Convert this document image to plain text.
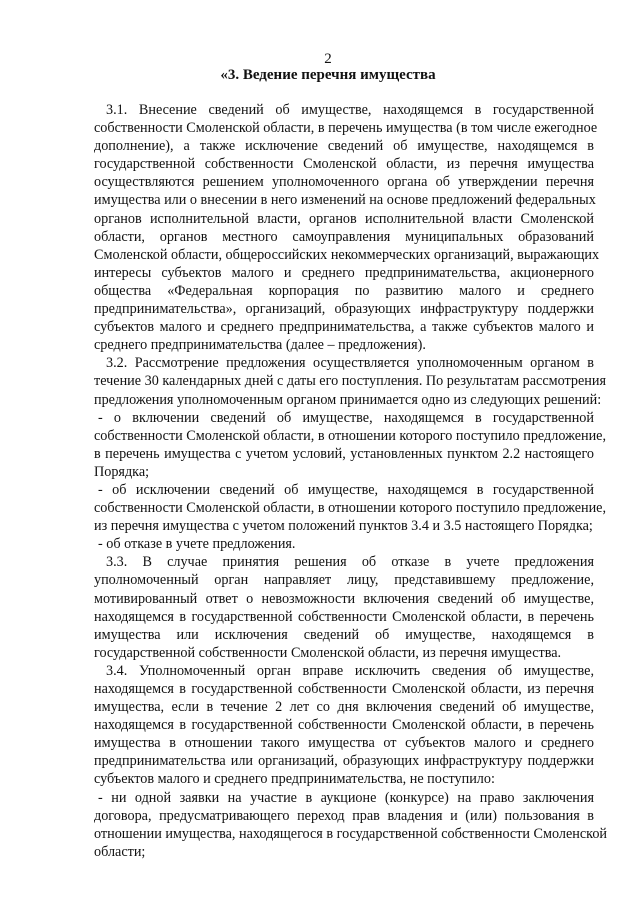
2
«3. Ведение перечня имущества
3.1. Внесение сведений об имуществе, находящемся в государственной
собственности Смоленской области, в перечень имущества (в том числе ежегодное
дополнение), а также исключение сведений об имуществе, находящемся в
государственной собственности Смоленской области, из перечня имущества
осуществляются решением уполномоченного органа об утверждении перечня
имущества или о внесении в него изменений на основе предложений федеральных
органов исполнительной власти, органов исполнительной власти Смоленской
области, органов местного самоуправления муниципальных образований
Смоленской области, общероссийских некоммерческих организаций, выражающих
интересы субъектов малого и среднего предпринимательства, акционерного
общества «Федеральная корпорация по развитию малого и среднего
предпринимательства», организаций, образующих инфраструктуру поддержки
субъектов малого и среднего предпринимательства, а также субъектов малого и
среднего предпринимательства (далее – предложения).
3.2. Рассмотрение предложения осуществляется уполномоченным органом в
течение 30 календарных дней с даты его поступления. По результатам рассмотрения
предложения уполномоченным органом принимается одно из следующих решений:
- о включении сведений об имуществе, находящемся в государственной
собственности Смоленской области, в отношении которого поступило предложение,
в перечень имущества с учетом условий, установленных пунктом 2.2 настоящего
Порядка;
- об исключении сведений об имуществе, находящемся в государственной
собственности Смоленской области, в отношении которого поступило предложение,
из перечня имущества с учетом положений пунктов 3.4 и 3.5 настоящего Порядка;
- об отказе в учете предложения.
3.3. В случае принятия решения об отказе в учете предложения
уполномоченный орган направляет лицу, представившему предложение,
мотивированный ответ о невозможности включения сведений об имуществе,
находящемся в государственной собственности Смоленской области, в перечень
имущества или исключения сведений об имуществе, находящемся в
государственной собственности Смоленской области, из перечня имущества.
3.4. Уполномоченный орган вправе исключить сведения об имуществе,
находящемся в государственной собственности Смоленской области, из перечня
имущества, если в течение 2 лет со дня включения сведений об имуществе,
находящемся в государственной собственности Смоленской области, в перечень
имущества в отношении такого имущества от субъектов малого и среднего
предпринимательства или организаций, образующих инфраструктуру поддержки
субъектов малого и среднего предпринимательства, не поступило:
- ни одной заявки на участие в аукционе (конкурсе) на право заключения
договора, предусматривающего переход прав владения и (или) пользования в
отношении имущества, находящегося в государственной собственности Смоленской
области;
